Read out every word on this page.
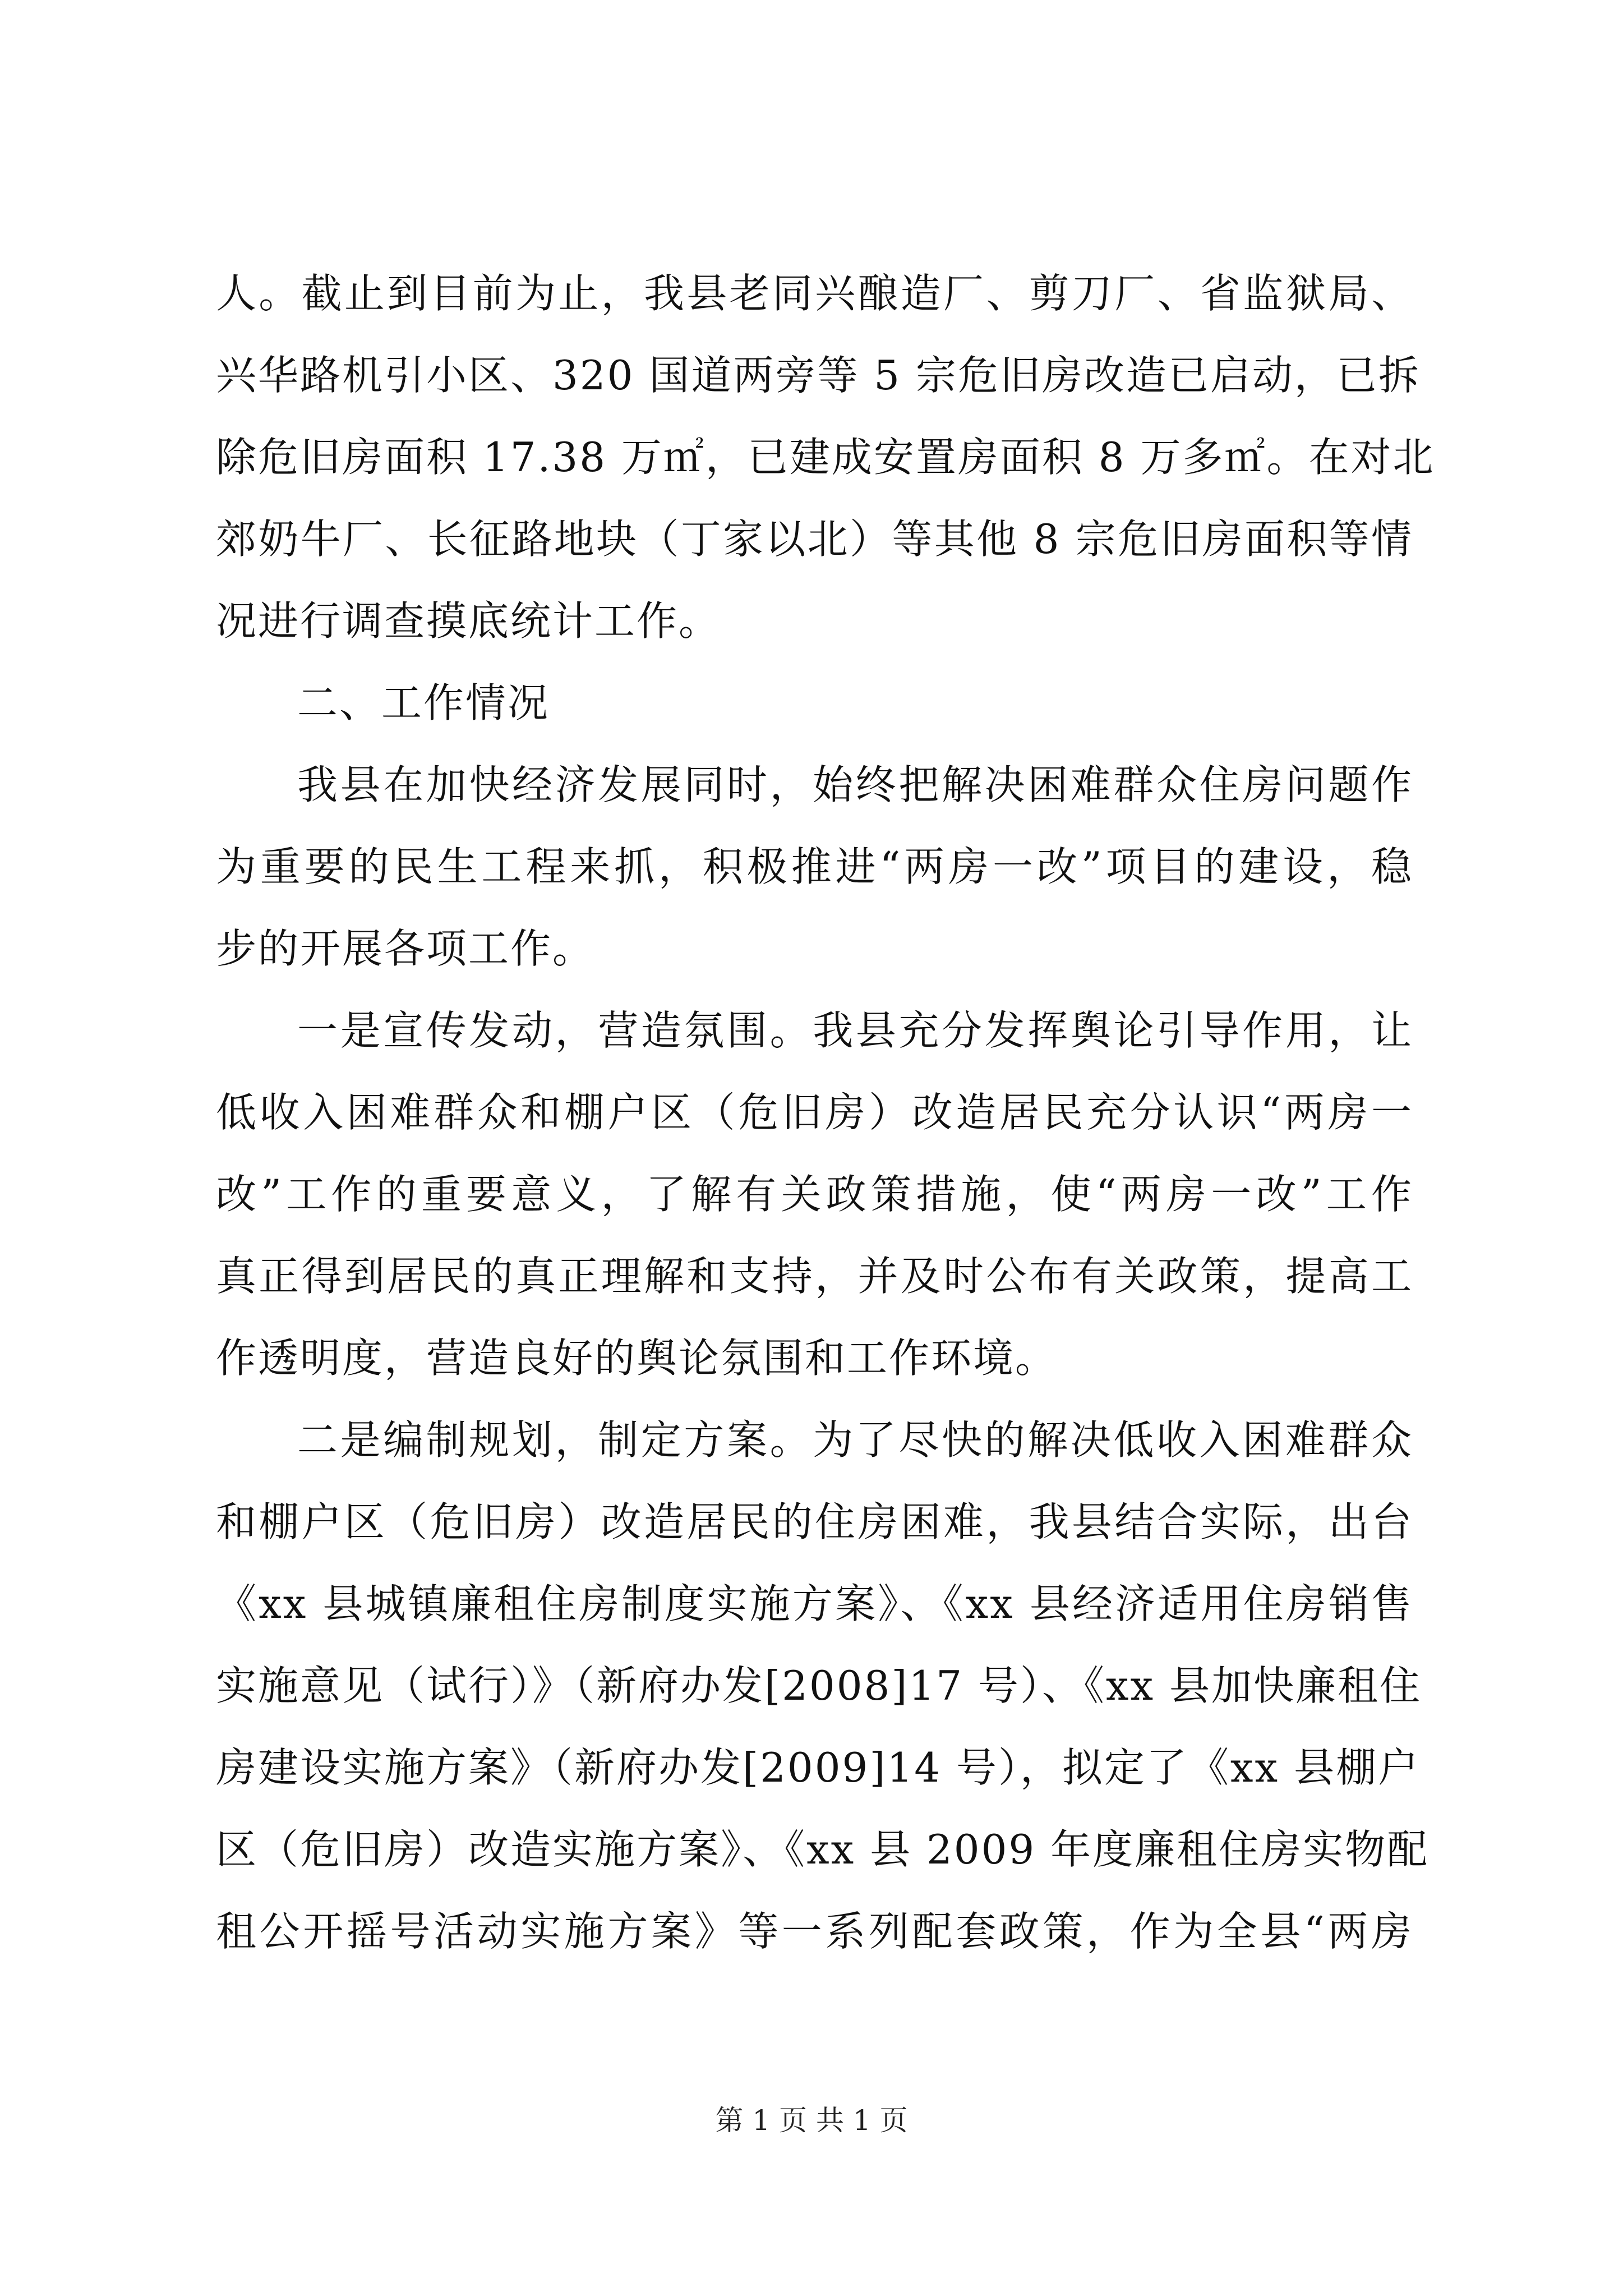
人。截止到目前为止，我县老同兴酿造厂、剪刀厂、省监狱局、
兴华路机引小区、320 国道两旁等 5 宗危旧房改造已启动，已拆
除危旧房面积 17.38 万㎡，已建成安置房面积 8 万多㎡。在对北
郊奶牛厂、长征路地块（丁家以北）等其他 8 宗危旧房面积等情
况进行调查摸底统计工作。
二、工作情况
我县在加快经济发展同时，始终把解决困难群众住房问题作
为重要的民生工程来抓，积极推进“两房一改”项目的建设，稳
步的开展各项工作。
一是宣传发动，营造氛围。我县充分发挥舆论引导作用，让
低收入困难群众和棚户区（危旧房）改造居民充分认识“两房一
改”工作的重要意义，了解有关政策措施，使“两房一改”工作
真正得到居民的真正理解和支持，并及时公布有关政策，提高工
作透明度，营造良好的舆论氛围和工作环境。
二是编制规划，制定方案。为了尽快的解决低收入困难群众
和棚户区（危旧房）改造居民的住房困难，我县结合实际，出台
《xx 县城镇廉租住房制度实施方案》、《xx 县经济适用住房销售
实施意见（试行）》（新府办发[2008]17 号）、《xx 县加快廉租住
房建设实施方案》（新府办发[2009]14 号），拟定了《xx 县棚户
区（危旧房）改造实施方案》、《xx 县 2009 年度廉租住房实物配
租公开摇号活动实施方案》等一系列配套政策，作为全县“两房
第 1 页 共 1 页
